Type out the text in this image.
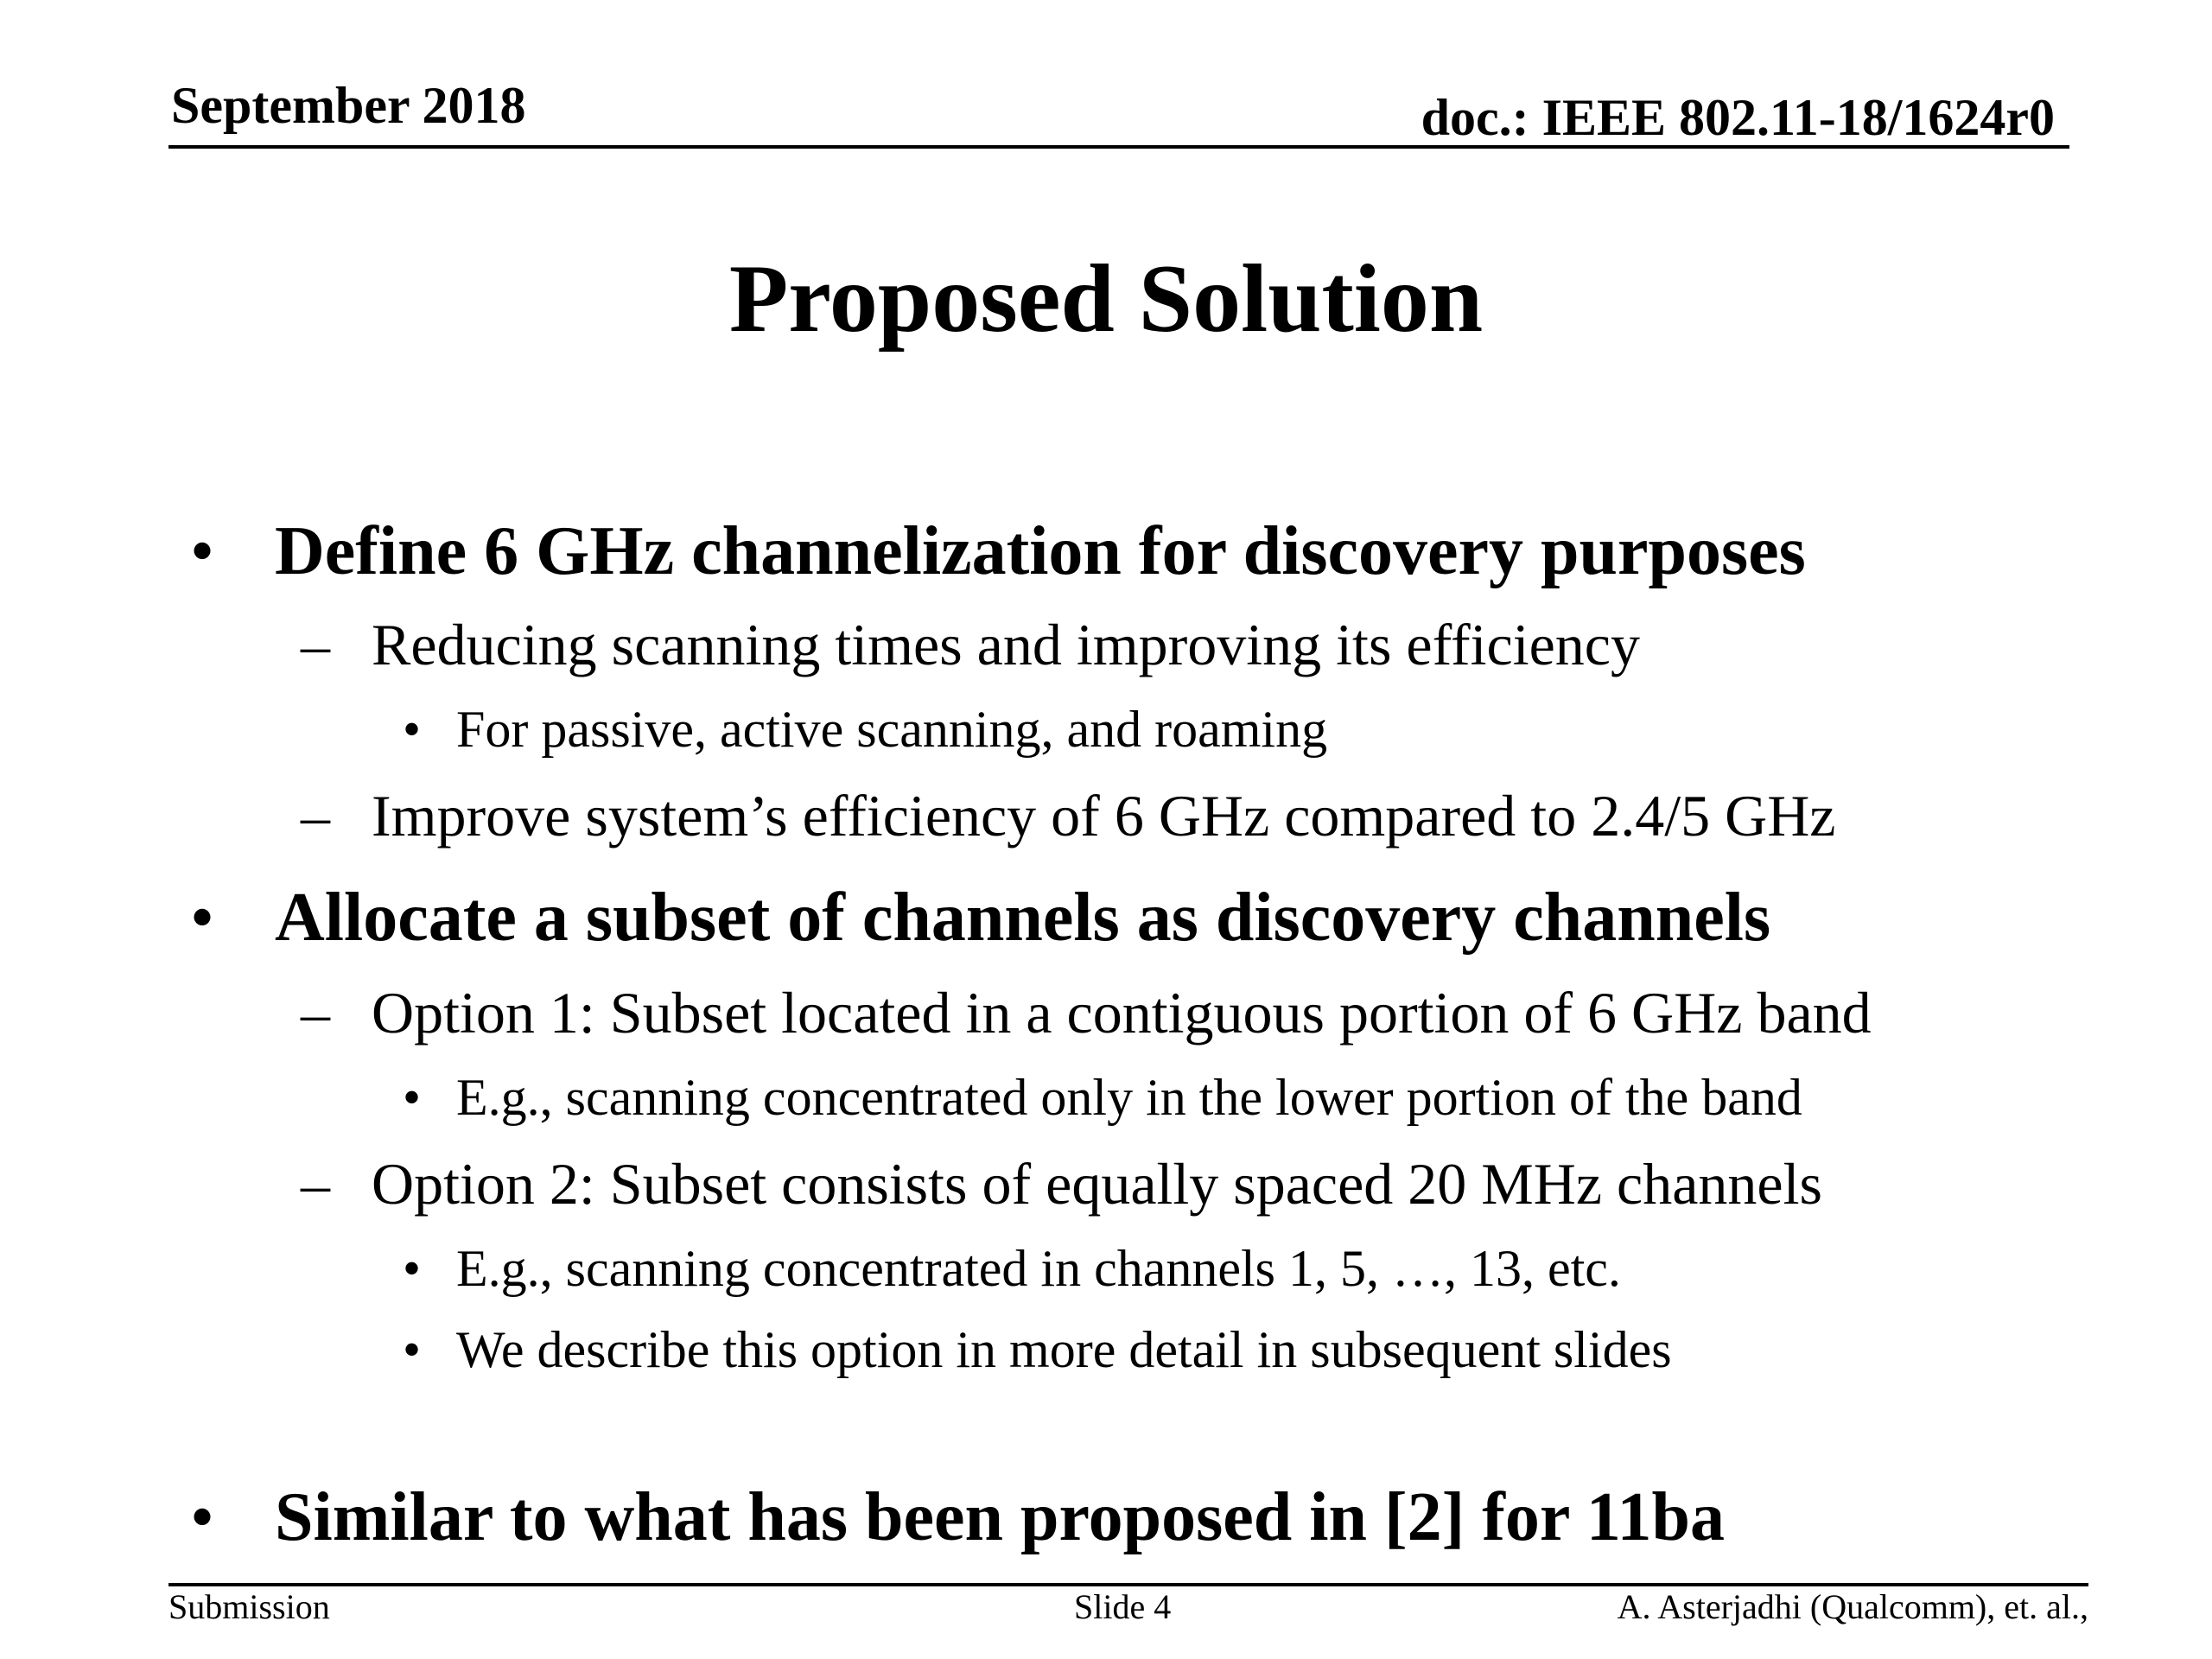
September 2018	doc.: IEEE 802.11-18/1624r0
Proposed Solution
• Define 6 GHz channelization for discovery purposes
– Reducing scanning times and improving its efficiency
• For passive, active scanning, and roaming
– Improve system’s efficiency of 6 GHz compared to 2.4/5 GHz
• Allocate a subset of channels as discovery channels
– Option 1: Subset located in a contiguous portion of 6 GHz band
• E.g., scanning concentrated only in the lower portion of the band
– Option 2: Subset consists of equally spaced 20 MHz channels
• E.g., scanning concentrated in channels 1, 5, …, 13, etc.
• We describe this option in more detail in subsequent slides
• Similar to what has been proposed in [2] for 11ba
Submission	Slide 4	A. Asterjadhi (Qualcomm), et. al.,
